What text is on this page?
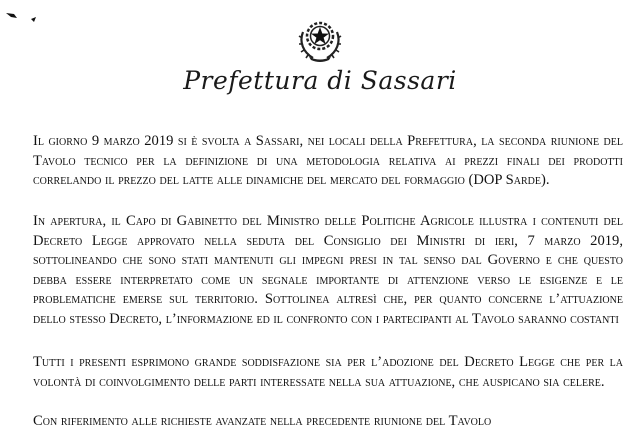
Prefettura di Sassari
Il giorno 9 marzo 2019 si è svolta a Sassari, nei locali della Prefettura, la seconda riunione del Tavolo tecnico per la definizione di una metodologia relativa ai prezzi finali dei prodotti correlando il prezzo del latte alle dinamiche del mercato del formaggio (DOP Sarde).
In apertura, il Capo di Gabinetto del Ministro delle Politiche Agricole illustra i contenuti del Decreto Legge approvato nella seduta del Consiglio dei Ministri di ieri, 7 marzo 2019, sottolineando che sono stati mantenuti gli impegni presi in tal senso dal Governo e che questo debba essere interpretato come un segnale importante di attenzione verso le esigenze e le problematiche emerse sul territorio. Sottolinea altresì che, per quanto concerne l’attuazione dello stesso Decreto, l’informazione ed il confronto con i partecipanti al Tavolo saranno costanti
Tutti i presenti esprimono grande soddisfazione sia per l’adozione del Decreto Legge che per la volontà di coinvolgimento delle parti interessate nella sua attuazione, che auspicano sia celere.
Con riferimento alle richieste avanzate nella precedente riunione del Tavolo
